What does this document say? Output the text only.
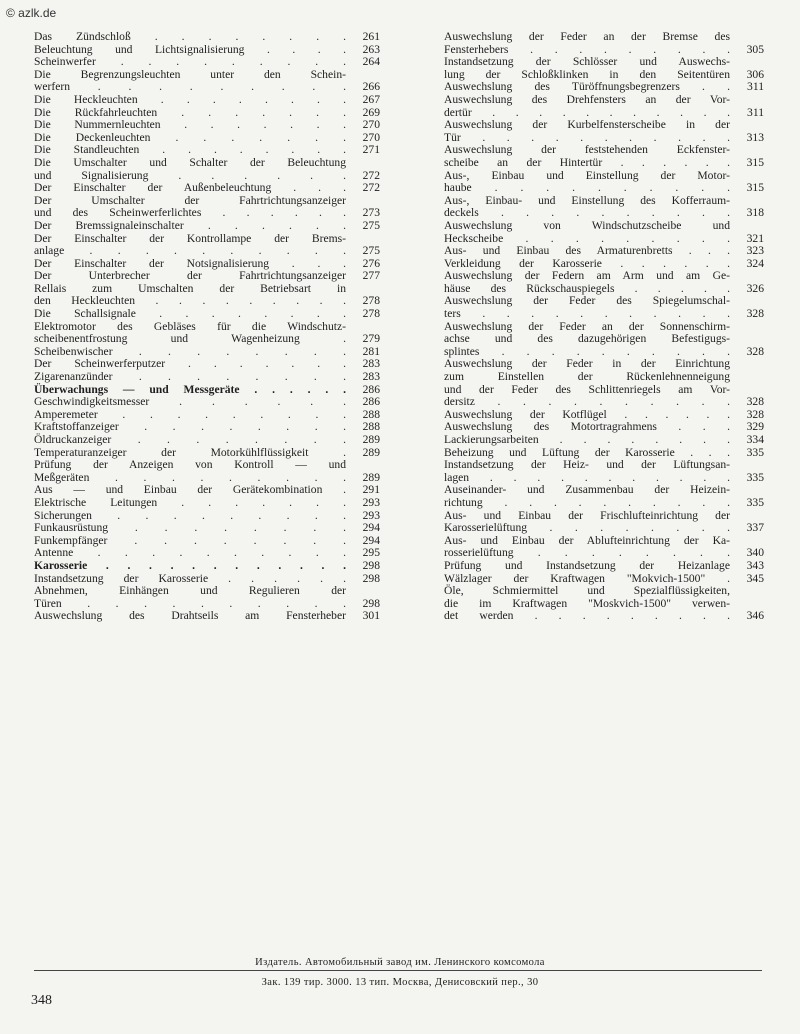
© azlk.de
Das Zündschloß . . . . . . . .	261
Beleuchtung und Lichtsignalisierung . . . .	263
Scheinwerfer . . . . . . . . .	264
Die Begrenzungsleuchten unter den Schein-
werfern . . . . . . . . .	266
Die Heckleuchten . . . . . . . .	267
Die Rückfahrleuchten . . . . . . .	269
Die Nummernleuchten . . . . . . .	270
Die Deckenleuchten . . . . . . .	270
Die Standleuchten . . . . . . . .	271
Die Umschalter und Schalter der Beleuchtung
und Signalisierung . . . . . .	272
Der Einschalter der Außenbeleuchtung . . .	272
Der Umschalter der Fahrtrichtungsanzeiger
und des Scheinwerferlichtes . . . . . .	273
Der Bremssignaleinschalter . . . . . .	275
Der Einschalter der Kontrollampe der Brems-
anlage . . . . . . . . . .	275
Der Einschalter der Notsignalisierung . . .	276
Der Unterbrecher der Fahrtrichtungsanzeiger	277
Rellais zum Umschalten der Betriebsart in
den Heckleuchten . . . . . . . . .	278
Die Schallsignale . . . . . . . .	278
Elektromotor des Gebläses für die Windschutz-
scheibenentfrostung und Wagenheizung .	279
Scheibenwischer . . . . . . . .	281
Der Scheinwerferputzer . . . . . . .	283
Zigarenanzünder . . . . . . . .	283
Überwachungs — und Messgeräte . . . . . .	286
Geschwindigkeitsmesser . . . . . .	286
Amperemeter . . . . . . . . .	288
Kraftstoffanzeiger . . . . . . . .	288
Öldruckanzeiger . . . . . . . .	289
Temperaturanzeiger der Motorkühlflüssigkeit .	289
Prüfung der Anzeigen von Kontroll — und
Meßgeräten . . . . . . . . .	289
Aus — und Einbau der Gerätekombination .	291
Elektrische Leitungen . . . . . . .	293
Sicherungen . . . . . . . . .	293
Funkausrüstung . . . . . . . .	294
Funkempfänger . . . . . . . .	294
Antenne . . . . . . . . . .	295
Karosserie . . . . . . . . . . . .	298
Instandsetzung der Karosserie . . . . . .	298
Abnehmen, Einhängen und Regulieren der
Türen . . . . . . . . . .	298
Auswechslung des Drahtseils am Fensterheber	301
Auswechslung der Feder an der Bremse des
Fensterhebers . . . . . . . . .	305
Instandsetzung der Schlösser und Auswechs-
lung der Schloßklinken in den Seitentüren	306
Auswechslung des Türöffnungsbegrenzers . .	311
Auswechslung des Drehfensters an der Vor-
dertür . . . . . . . . . . .	311
Auswechslung der Kurbelfensterscheibe in der
Tür . . . . . . . . . . .	313
Auswechslung der feststehenden Eckfenster-
scheibe an der Hintertür . . . . . .	315
Aus-, Einbau und Einstellung der Motor-
haube . . . . . . . . . .	315
Aus-, Einbau- und Einstellung des Kofferraum-
deckels . . . . . . . . . .	318
Auswechslung von Windschutzscheibe und
Heckscheibe . . . . . . . . .	321
Aus- und Einbau des Armaturenbretts . . .	323
Verkleidung der Karosserie . . . . . .	324
Auswechslung der Federn am Arm und am Ge-
häuse des Rückschauspiegels . . . . .	326
Auswechslung der Feder des Spiegelumschal-
ters . . . . . . . . . . .	328
Auswechslung der Feder an der Sonnenschirm-
achse und des dazugehörigen Befestigugs-
splintes . . . . . . . . . .	328
Auswechslung der Feder in der Einrichtung
zum Einstellen der Rückenlehnenneigung
und der Feder des Schlittenriegels am Vor-
dersitz . . . . . . . . . .	328
Auswechslung der Kotflügel . . . . . .	328
Auswechslung des Motortragrahmens . . .	329
Lackierungsarbeiten . . . . . . . .	334
Beheizung und Lüftung der Karosserie . . .	335
Instandsetzung der Heiz- und der Lüftungsan-
lagen . . . . . . . . . . .	335
Auseinander- und Zusammenbau der Heizein-
richtung . . . . . . . . . .	335
Aus- und Einbau der Frischlufteinrichtung der
Karosserielüftung . . . . . . . .	337
Aus- und Einbau der Ablufteinrichtung der Ka-
rosserielüftung . . . . . . . .	340
Prüfung und Instandsetzung der Heizanlage	343
Wälzlager der Kraftwagen "Mokvich-1500" .	345
Öle, Schmiermittel und Spezialflüssigkeiten,
die im Kraftwagen "Moskvich-1500" verwen-
det werden . . . . . . . . .	346
Издатель. Автомобильный завод им. Ленинского комсомола
Зак. 139 тир. 3000. 13 тип. Москва, Денисовский пер., 30
348
